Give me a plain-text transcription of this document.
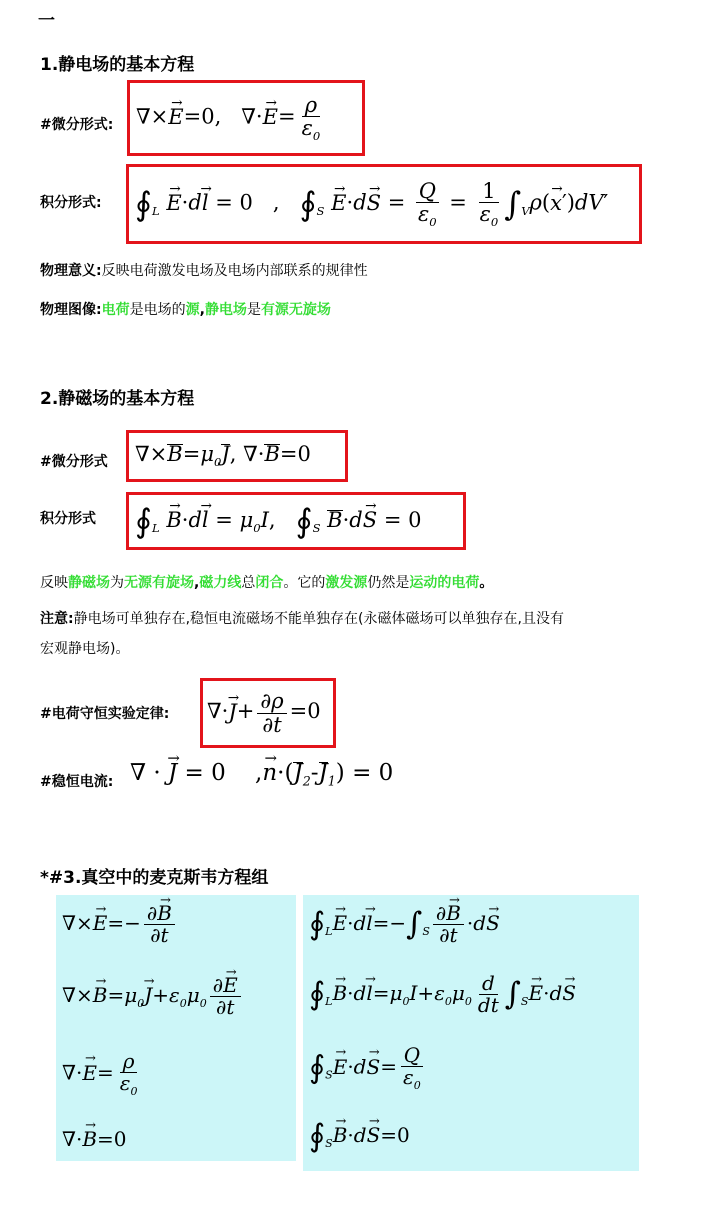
一
1.静电场的基本方程
#微分形式: ∇×→ E=0,   ∇·→ $E= \frac{\rho}{\varepsilon_0}$
积分形式: $∮_L \to E\cdot d\to l = 0$   ,   $∮_S \to E\cdot d\to S = \frac{Q}{\varepsilon_0} = \frac{1}{\varepsilon_0} \int_V\rho(\to x')dV'$
物理意义:反映电荷激发电场及电场内部联系的规律性
物理图像:电荷是电场的源,静电场是有源无旋场
2.静磁场的基本方程
#微分形式 $\nabla\times B=\mu_0J$, ∇·B=0
积分形式 $∮_L \to B\cdot d\to l = \mu_0I$,   $∮_S$ B·d→ S = 0
反映静磁场为无源有旋场,磁力线总闭合。它的激发源仍然是运动的电荷。
注意:静电场可单独存在,稳恒电流磁场不能单独存在(永磁体磁场可以单独存在,且没有
宏观静电场)。
#电荷守恒实验定律: ∇·→ $J+ \frac{\partial\rho}{\partial t} =0$
#稳恒电流: ∇ · → J = 0    ,→ $n\cdot(J_2-J_1) = 0$
*#3.真空中的麦克斯韦方程组
∇×→ $E=- \frac{\partial\to B}{\partial t}$
∇×→ $B=\mu_0\to J+\varepsilon_0\mu_0 \frac{\partial\to E}{\partial t}$
∇·→ $E= \frac{\rho}{\varepsilon_0}$
∇·→ B=0
$∮_L\to E\cdot d\to l=-\int_S \frac{\partial\to B}{\partial t} \cdot d\to S$
$∮_L\to B\cdot d\to l=\mu_0I+\varepsilon_0\mu_0 \frac{d}{dt} \int_S\to E\cdot d\to S$
$∮_S\to E\cdot d\to S= \frac{Q}{\varepsilon_0}$
$∮_S\to B\cdot d\to S=0$
